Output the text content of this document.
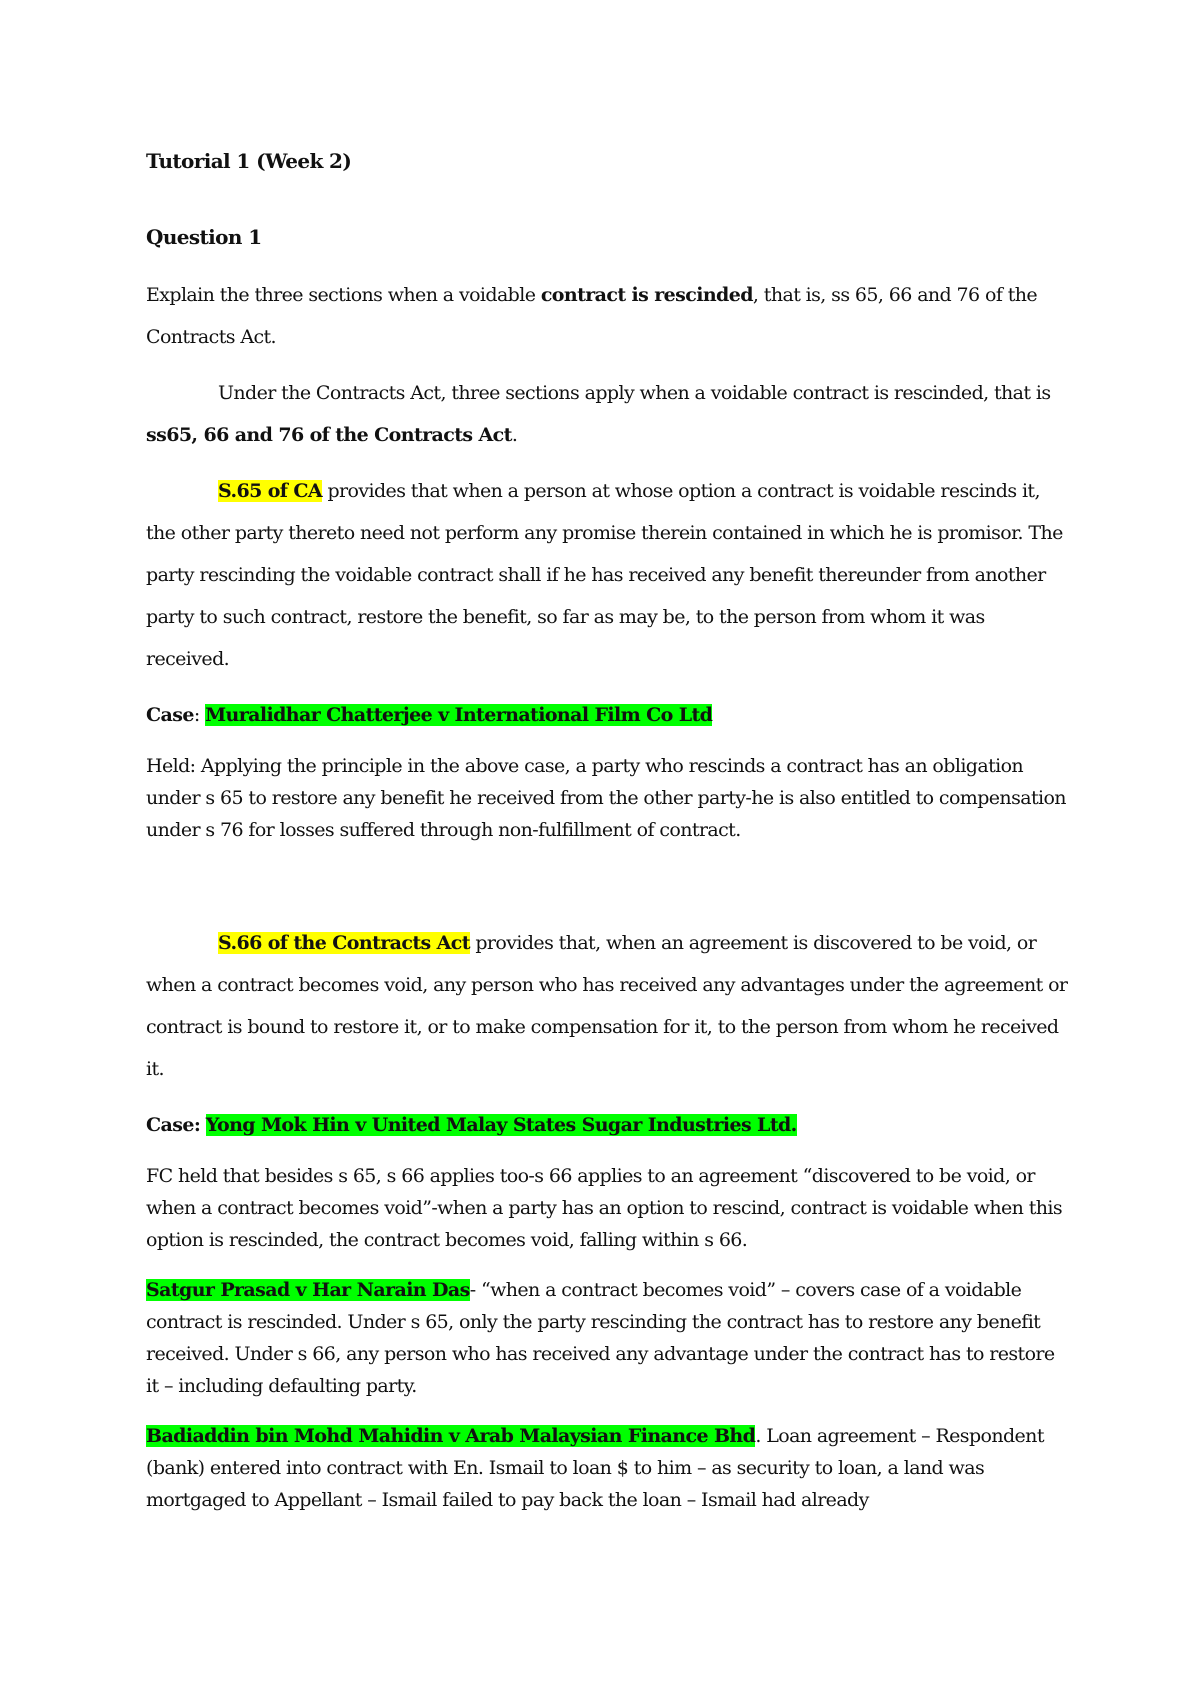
Tutorial 1 (Week 2)

Question 1

Explain the three sections when a voidable contract is rescinded, that is, ss 65, 66 and 76 of the Contracts Act.

Under the Contracts Act, three sections apply when a voidable contract is rescinded, that is ss65, 66 and 76 of the Contracts Act.

S.65 of CA provides that when a person at whose option a contract is voidable rescinds it, the other party thereto need not perform any promise therein contained in which he is promisor. The party rescinding the voidable contract shall if he has received any benefit thereunder from another party to such contract, restore the benefit, so far as may be, to the person from whom it was received.

Case: Muralidhar Chatterjee v International Film Co Ltd

Held: Applying the principle in the above case, a party who rescinds a contract has an obligation under s 65 to restore any benefit he received from the other party-he is also entitled to compensation under s 76 for losses suffered through non-fulfillment of contract.

S.66 of the Contracts Act provides that, when an agreement is discovered to be void, or when a contract becomes void, any person who has received any advantages under the agreement or contract is bound to restore it, or to make compensation for it, to the person from whom he received it.

Case: Yong Mok Hin v United Malay States Sugar Industries Ltd.

FC held that besides s 65, s 66 applies too-s 66 applies to an agreement “discovered to be void, or when a contract becomes void”-when a party has an option to rescind, contract is voidable when this option is rescinded, the contract becomes void, falling within s 66.

Satgur Prasad v Har Narain Das- “when a contract becomes void” – covers case of a voidable contract is rescinded. Under s 65, only the party rescinding the contract has to restore any benefit received. Under s 66, any person who has received any advantage under the contract has to restore it – including defaulting party.

Badiaddin bin Mohd Mahidin v Arab Malaysian Finance Bhd. Loan agreement – Respondent (bank) entered into contract with En. Ismail to loan $ to him – as security to loan, a land was mortgaged to Appellant – Ismail failed to pay back the loan – Ismail had already
